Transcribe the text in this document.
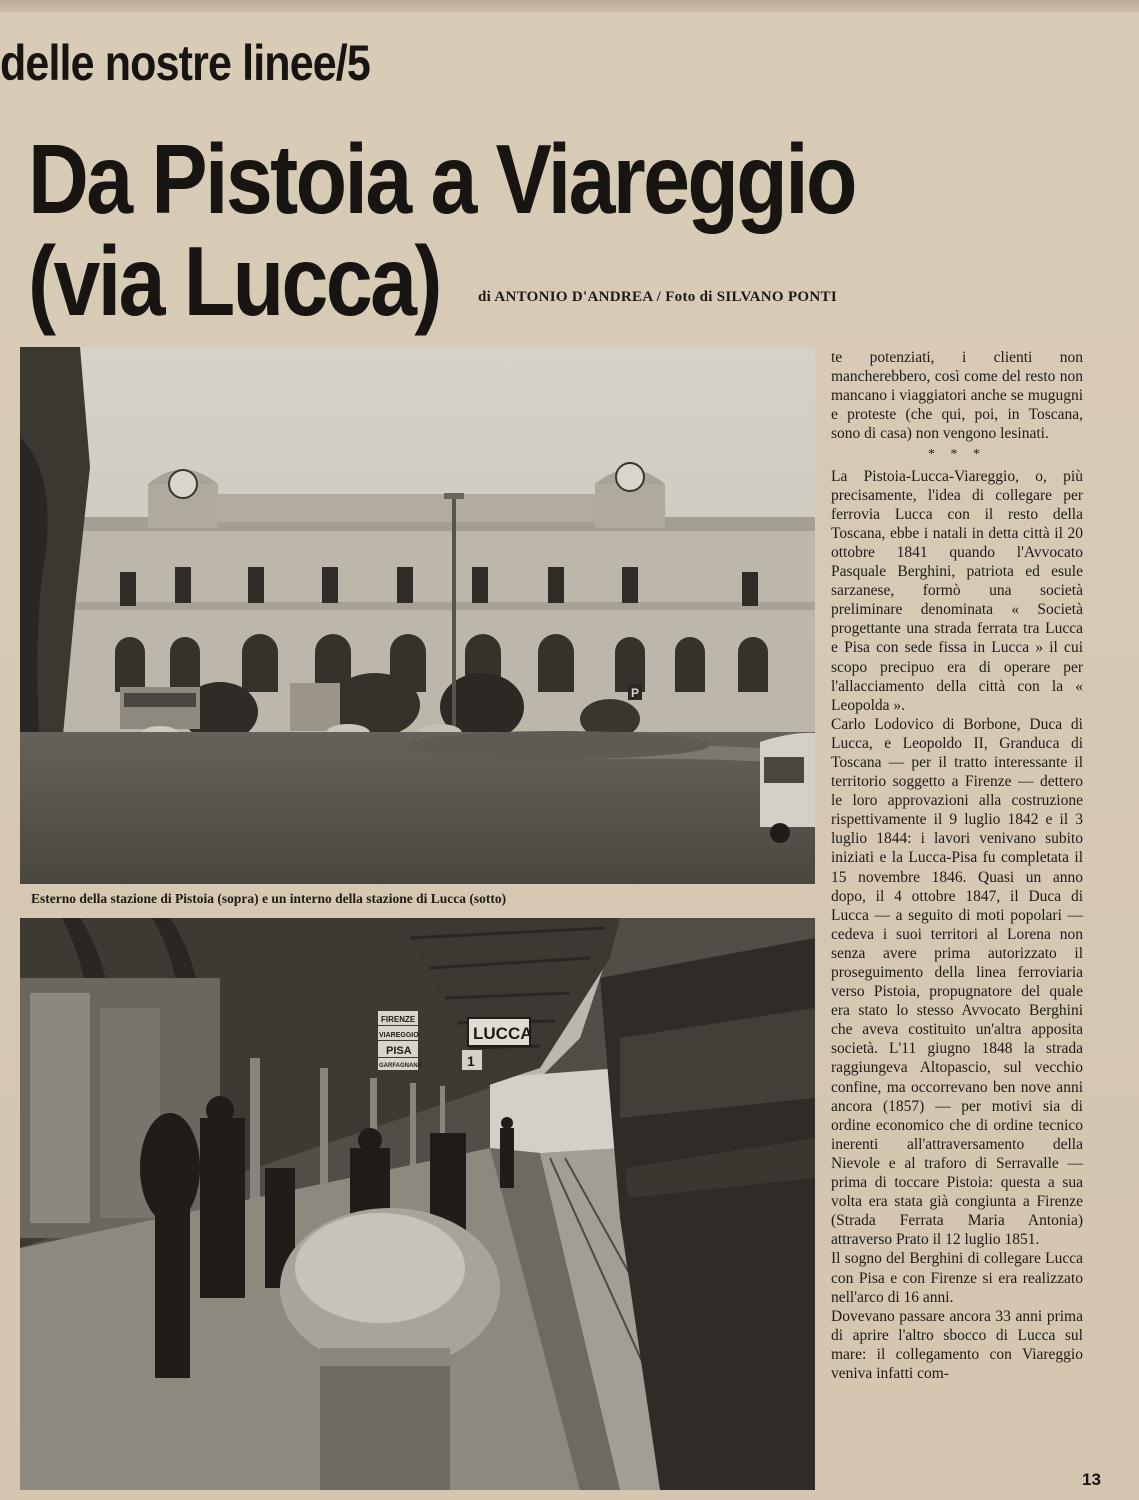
delle nostre linee/5
Da Pistoia a Viareggio
(via Lucca)	di ANTONIO D'ANDREA / Foto di SILVANO PONTI
P
Esterno della stazione di Pistoia (sopra) e un interno della stazione di Lucca (sotto)
FIRENZE
VIAREGGIO
PISA
GARFAGNANA
LUCCA
1

te potenziati, i clienti non mancherebbero, così come del resto non mancano i viaggiatori anche se mugugni e proteste (che qui, poi, in Toscana, sono di casa) non vengono lesinati.

* * *

La Pistoia-Lucca-Viareggio, o, più precisamente, l'idea di collegare per ferrovia Lucca con il resto della Toscana, ebbe i natali in detta città il 20 ottobre 1841 quando l'Avvocato Pasquale Berghini, patriota ed esule sarzanese, formò una società preliminare denominata « Società progettante una strada ferrata tra Lucca e Pisa con sede fissa in Lucca » il cui scopo precipuo era di operare per l'allacciamento della città con la « Leopolda ».

Carlo Lodovico di Borbone, Duca di Lucca, e Leopoldo II, Granduca di Toscana — per il tratto interessante il territorio soggetto a Firenze — dettero le loro approvazioni alla costruzione rispettivamente il 9 luglio 1842 e il 3 luglio 1844: i lavori venivano subito iniziati e la Lucca-Pisa fu completata il 15 novembre 1846. Quasi un anno dopo, il 4 ottobre 1847, il Duca di Lucca — a seguito di moti popolari — cedeva i suoi territori al Lorena non senza avere prima autorizzato il proseguimento della linea ferroviaria verso Pistoia, propugnatore del quale era stato lo stesso Avvocato Berghini che aveva costituito un'altra apposita società. L'11 giugno 1848 la strada raggiungeva Altopascio, sul vecchio confine, ma occorrevano ben nove anni ancora (1857) — per motivi sia di ordine economico che di ordine tecnico inerenti all'attraversamento della Nievole e al traforo di Serravalle — prima di toccare Pistoia: questa a sua volta era stata già congiunta a Firenze (Strada Ferrata Maria Antonia) attraverso Prato il 12 luglio 1851.

Il sogno del Berghini di collegare Lucca con Pisa e con Firenze si era realizzato nell'arco di 16 anni.

Dovevano passare ancora 33 anni prima di aprire l'altro sbocco di Lucca sul mare: il collegamento con Viareggio veniva infatti com-

13
